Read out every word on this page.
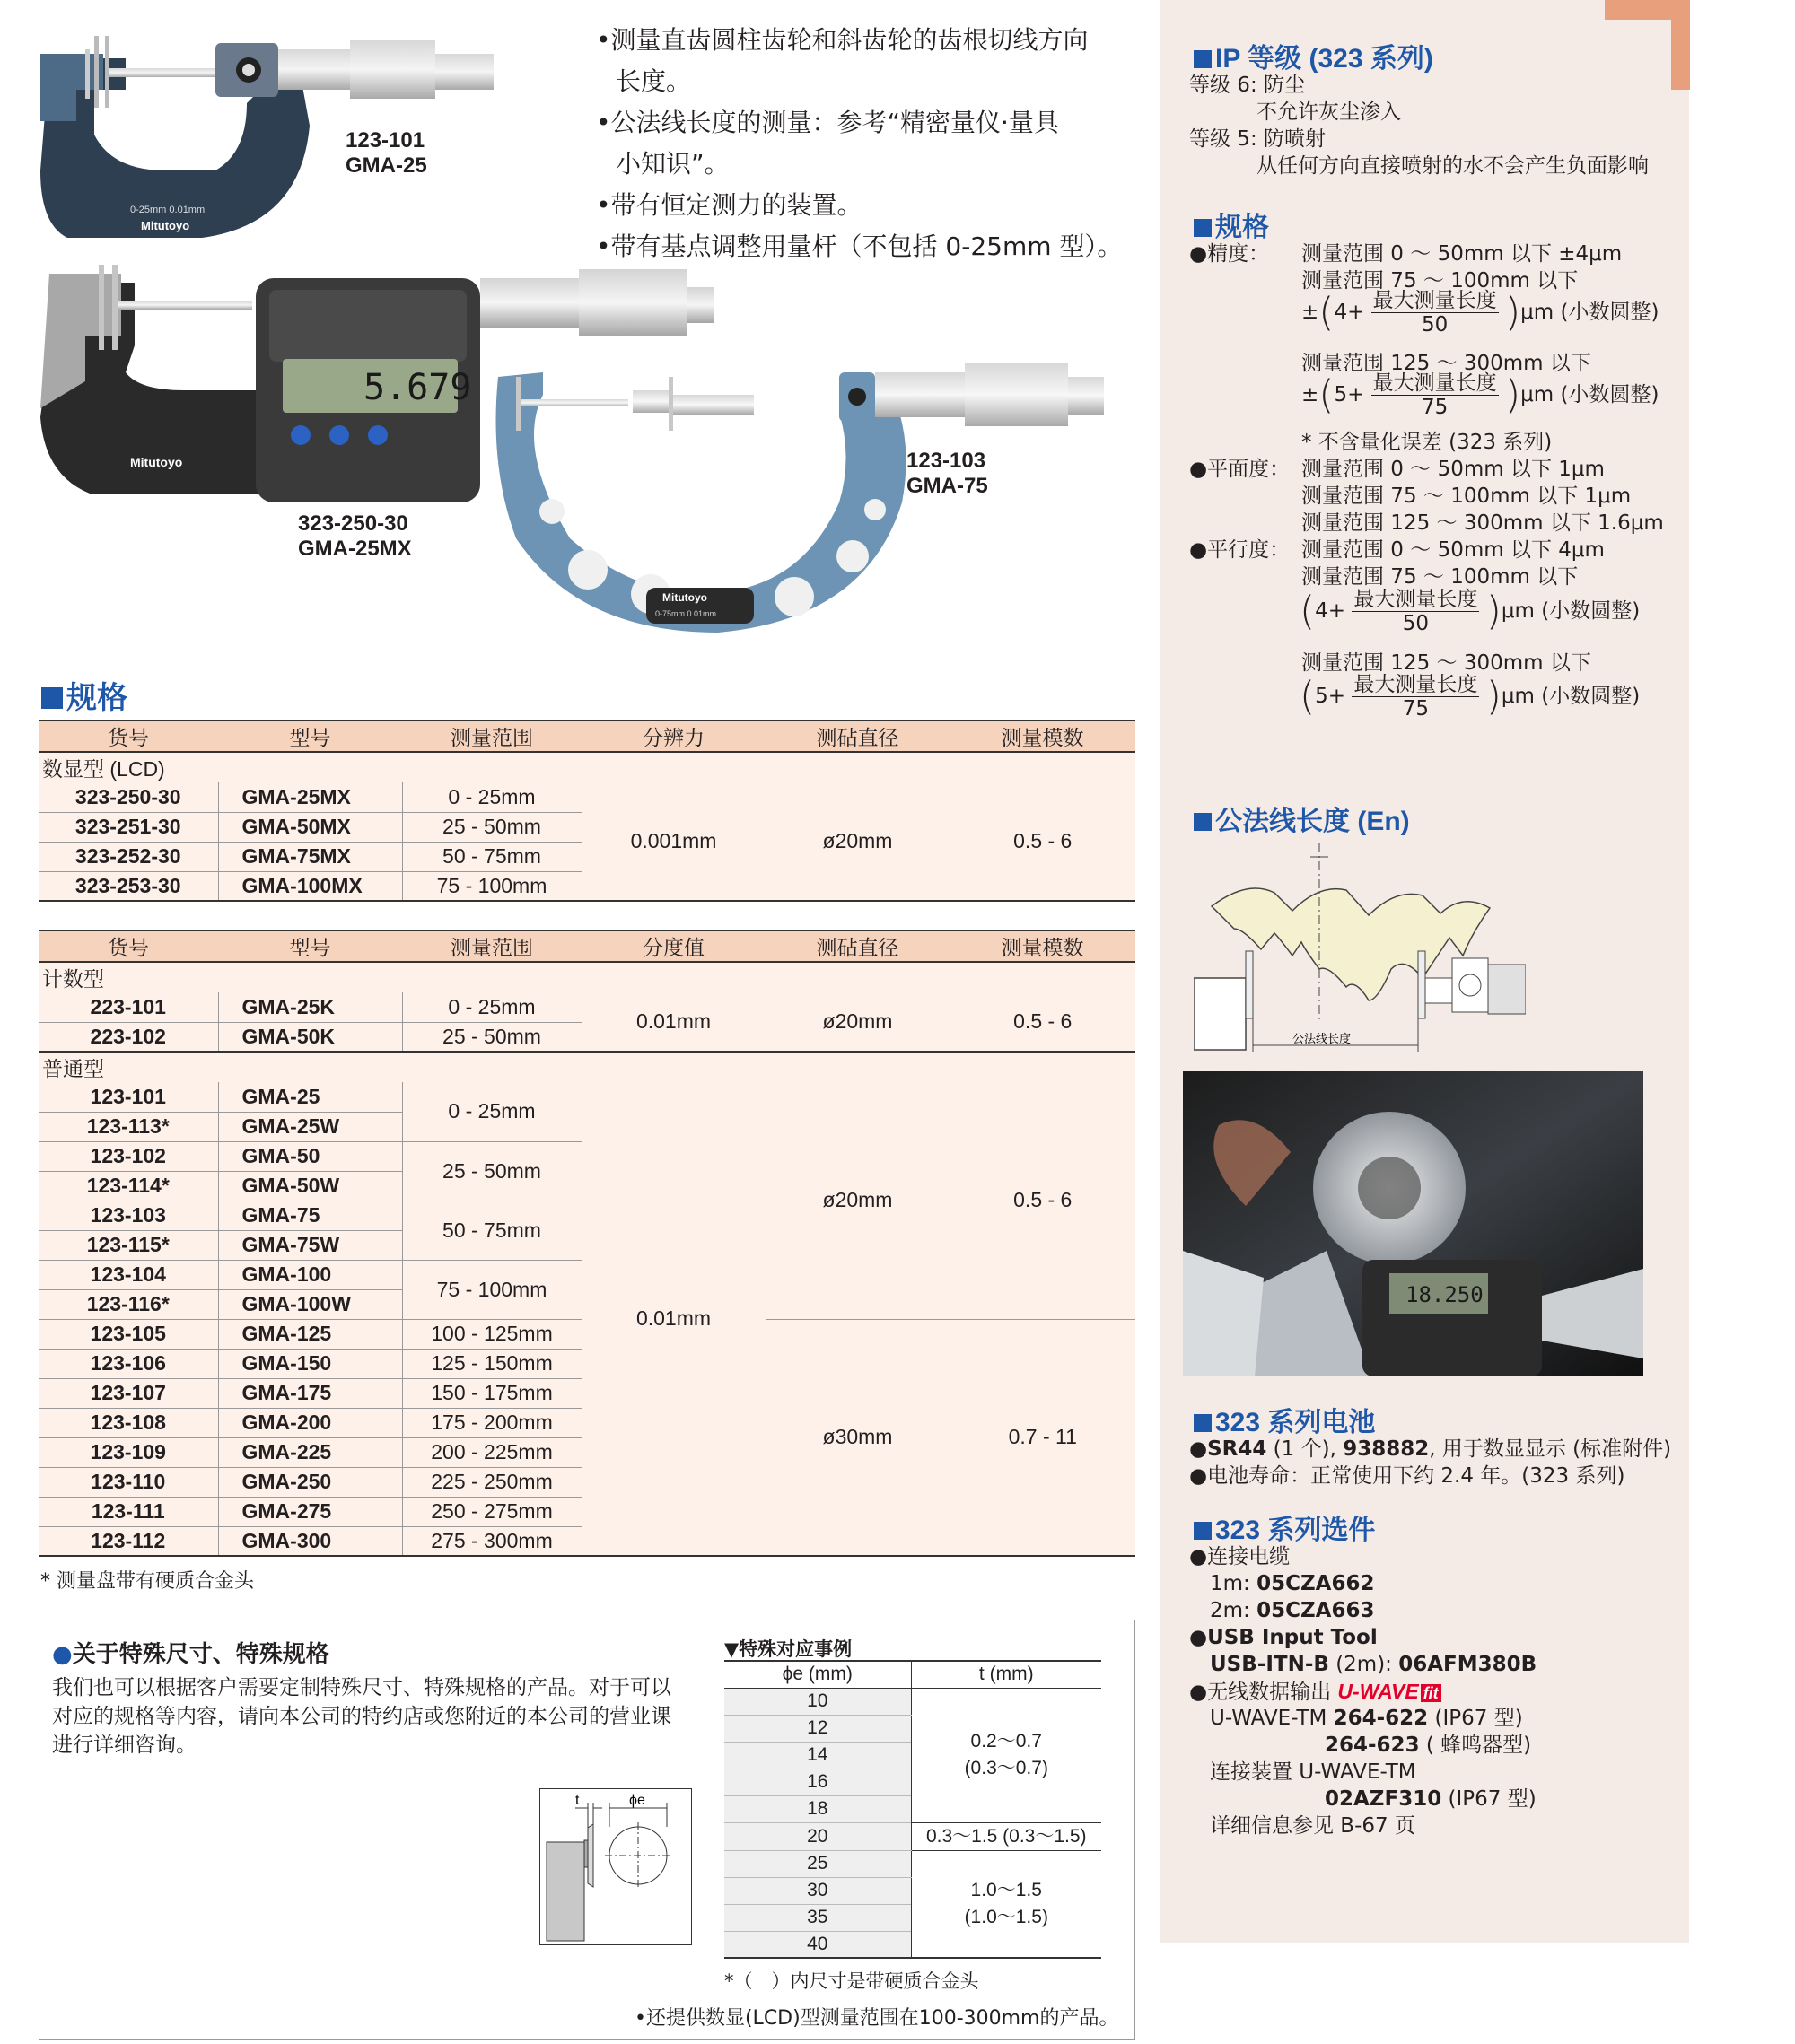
0-25mm 0.01mm
Mitutoyo
5.679
Mitutoyo
Mitutoyo
0-75mm 0.01mm
123-101
GMA-25
323-250-30
GMA-25MX
123-103
GMA-75
•测量直齿圆柱齿轮和斜齿轮的齿根切线方向
长度。
•公法线长度的测量：参考“精密量仪·量具
小知识”。
•带有恒定测力的装置。
•带有基点调整用量杆（不包括 0-25mm 型）。
规格
货号	型号	测量范围	分辨力	测砧直径	测量模数
数显型 (LCD)					
323-250-30	GMA-25MX	0 - 25mm	0.001mm	ø20mm	0.5 - 6
323-251-30	GMA-50MX	25 - 50mm			
323-252-30	GMA-75MX	50 - 75mm			
323-253-30	GMA-100MX	75 - 100mm			
货号	型号	测量范围	分度值	测砧直径	测量模数
计数型					
223-101	GMA-25K	0 - 25mm	0.01mm	ø20mm	0.5 - 6
223-102	GMA-50K	25 - 50mm			
普通型					
123-101	GMA-25	0 - 25mm	0.01mm	ø20mm	0.5 - 6
123-113*	GMA-25W				
123-102	GMA-50	25 - 50mm			
123-114*	GMA-50W				
123-103	GMA-75	50 - 75mm			
123-115*	GMA-75W				
123-104	GMA-100	75 - 100mm			
123-116*	GMA-100W				
123-105	GMA-125	100 - 125mm		ø30mm	0.7 - 11
123-106	GMA-150	125 - 150mm			
123-107	GMA-175	150 - 175mm			
123-108	GMA-200	175 - 200mm			
123-109	GMA-225	200 - 225mm			
123-110	GMA-250	225 - 250mm			
123-111	GMA-275	250 - 275mm			
123-112	GMA-300	275 - 300mm			
* 测量盘带有硬质合金头
●关于特殊尺寸、特殊规格
我们也可以根据客户需要定制特殊尺寸、特殊规格的产品。对于可以
对应的规格等内容，请向本公司的特约店或您附近的本公司的营业课
进行详细咨询。
t	ϕe
▼特殊对应事例
ϕe (mm)	t (mm)
10	0.2～0.7
(0.3～0.7)

12	
14	
16	
18	
20	0.3～1.5 (0.3～1.5)
25	1.0～1.5
(1.0～1.5)

30	
35	
40	
*（　）内尺寸是带硬质合金头
•还提供数显(LCD)型测量范围在100-300mm的产品。
IP 等级 (323 系列)
等级 6: 防尘
不允许灰尘渗入
等级 5: 防喷射
从任何方向直接喷射的水不会产生负面影响
规格
●精度： 测量范围 0 ～ 50mm 以下 ±4μm
测量范围 75 ～ 100mm 以下
$\pm(4+ \frac{\text{最大测量长度}}{50} )\mu m$ (小数圆整)
测量范围 125 ～ 300mm 以下
$\pm(5+ \frac{\text{最大测量长度}}{75} )\mu m$ (小数圆整)
* 不含量化误差 (323 系列)
●平面度： 测量范围 0 ～ 50mm 以下 1μm
测量范围 75 ～ 100mm 以下 1μm
测量范围 125 ～ 300mm 以下 1.6μm
●平行度： 测量范围 0 ～ 50mm 以下 4μm
测量范围 75 ～ 100mm 以下
$(4+ \frac{\text{最大测量长度}}{50} )\mu m$ (小数圆整)
测量范围 125 ～ 300mm 以下
$(5+ \frac{\text{最大测量长度}}{75} )\mu m$ (小数圆整)
公法线长度 (En)
公法线长度
18.250
323 系列电池
●SR44 (1 个), 938882, 用于数显显示 (标准附件)
●电池寿命：正常使用下约 2.4 年。(323 系列)
323 系列选件
●连接电缆
1m: 05CZA662
2m: 05CZA663
●USB Input Tool
USB-ITN-B (2m): 06AFM380B
●无线数据输出 U-WAVE fit
U-WAVE-TM 264-622 (IP67 型)
264-623 ( 蜂鸣器型)
连接装置 U-WAVE-TM
02AZF310 (IP67 型)
详细信息参见 B-67 页
